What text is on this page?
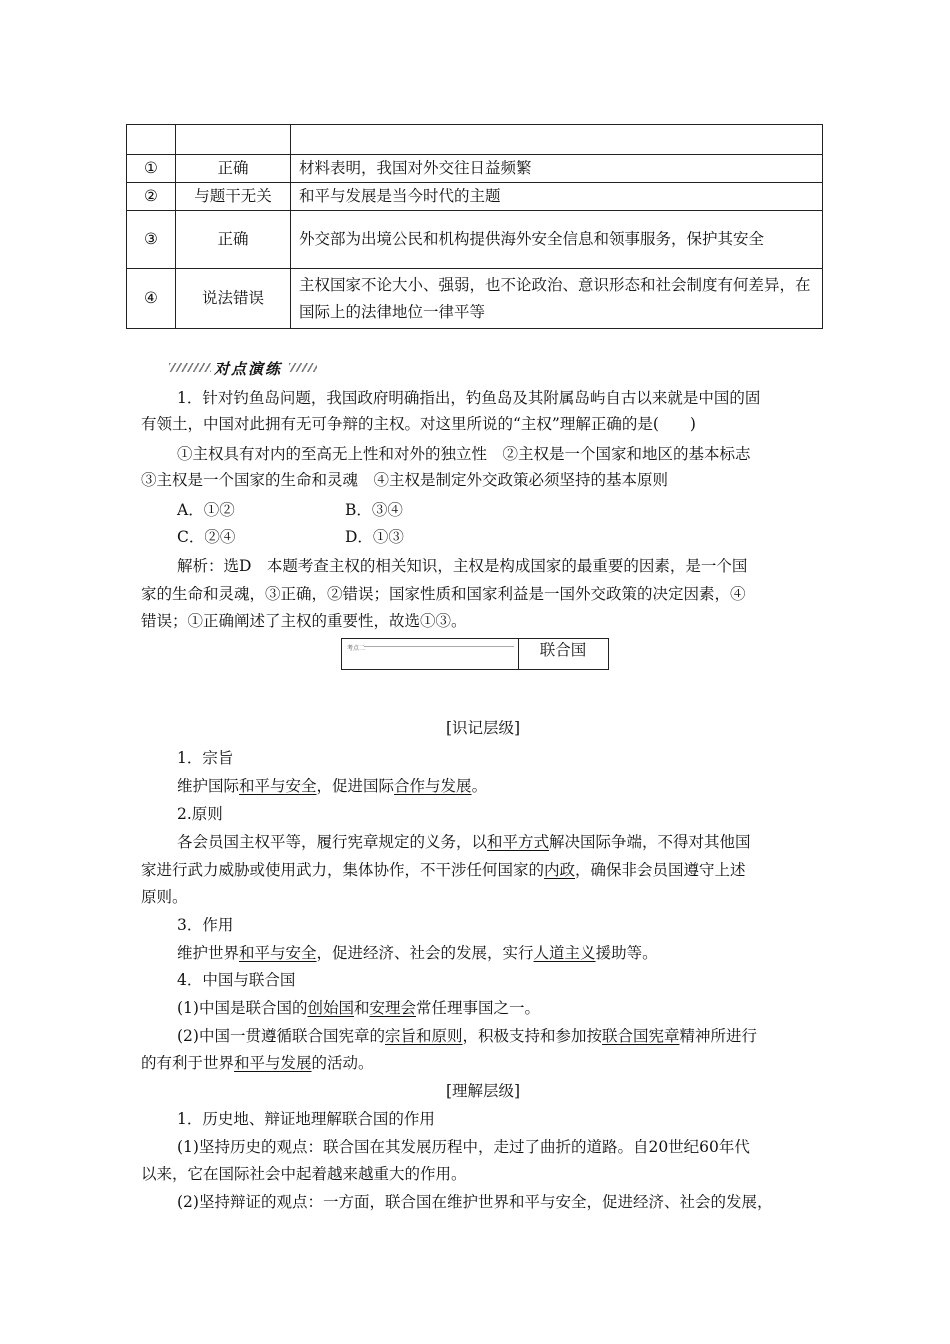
①	正确	材料表明，我国对外交往日益频繁
②	与题干无关	和平与发展是当今时代的主题
③	正确	外交部为出境公民和机构提供海外安全信息和领事服务，保护其安全
④	说法错误	主权国家不论大小、强弱，也不论政治、意识形态和社会制度有何差异，在国际上的法律地位一律平等
对点演练
1．针对钓鱼岛问题，我国政府明确指出，钓鱼岛及其附属岛屿自古以来就是中国的固
有领土，中国对此拥有无可争辩的主权。对这里所说的“主权”理解正确的是(　　)
①主权具有对内的至高无上性和对外的独立性　②主权是一个国家和地区的基本标志
③主权是一个国家的生命和灵魂　④主权是制定外交政策必须坚持的基本原则
A．①②	B．③④
C．②④	D．①③
解析：选D　本题考查主权的相关知识，主权是构成国家的最重要的因素，是一个国
家的生命和灵魂，③正确，②错误；国家性质和国家利益是一国外交政策的决定因素，④
错误；①正确阐述了主权的重要性，故选①③。
考点二	联合国
[识记层级]
1．宗旨
维护国际和平与安全，促进国际合作与发展。
2.原则
各会员国主权平等，履行宪章规定的义务，以和平方式解决国际争端，不得对其他国
家进行武力威胁或使用武力，集体协作，不干涉任何国家的内政，确保非会员国遵守上述
原则。
3．作用
维护世界和平与安全，促进经济、社会的发展，实行人道主义援助等。
4．中国与联合国
(1)中国是联合国的创始国和安理会常任理事国之一。
(2)中国一贯遵循联合国宪章的宗旨和原则，积极支持和参加按联合国宪章精神所进行
的有利于世界和平与发展的活动。
[理解层级]
1．历史地、辩证地理解联合国的作用
(1)坚持历史的观点：联合国在其发展历程中，走过了曲折的道路。自20世纪60年代
以来，它在国际社会中起着越来越重大的作用。
(2)坚持辩证的观点：一方面，联合国在维护世界和平与安全，促进经济、社会的发展，
